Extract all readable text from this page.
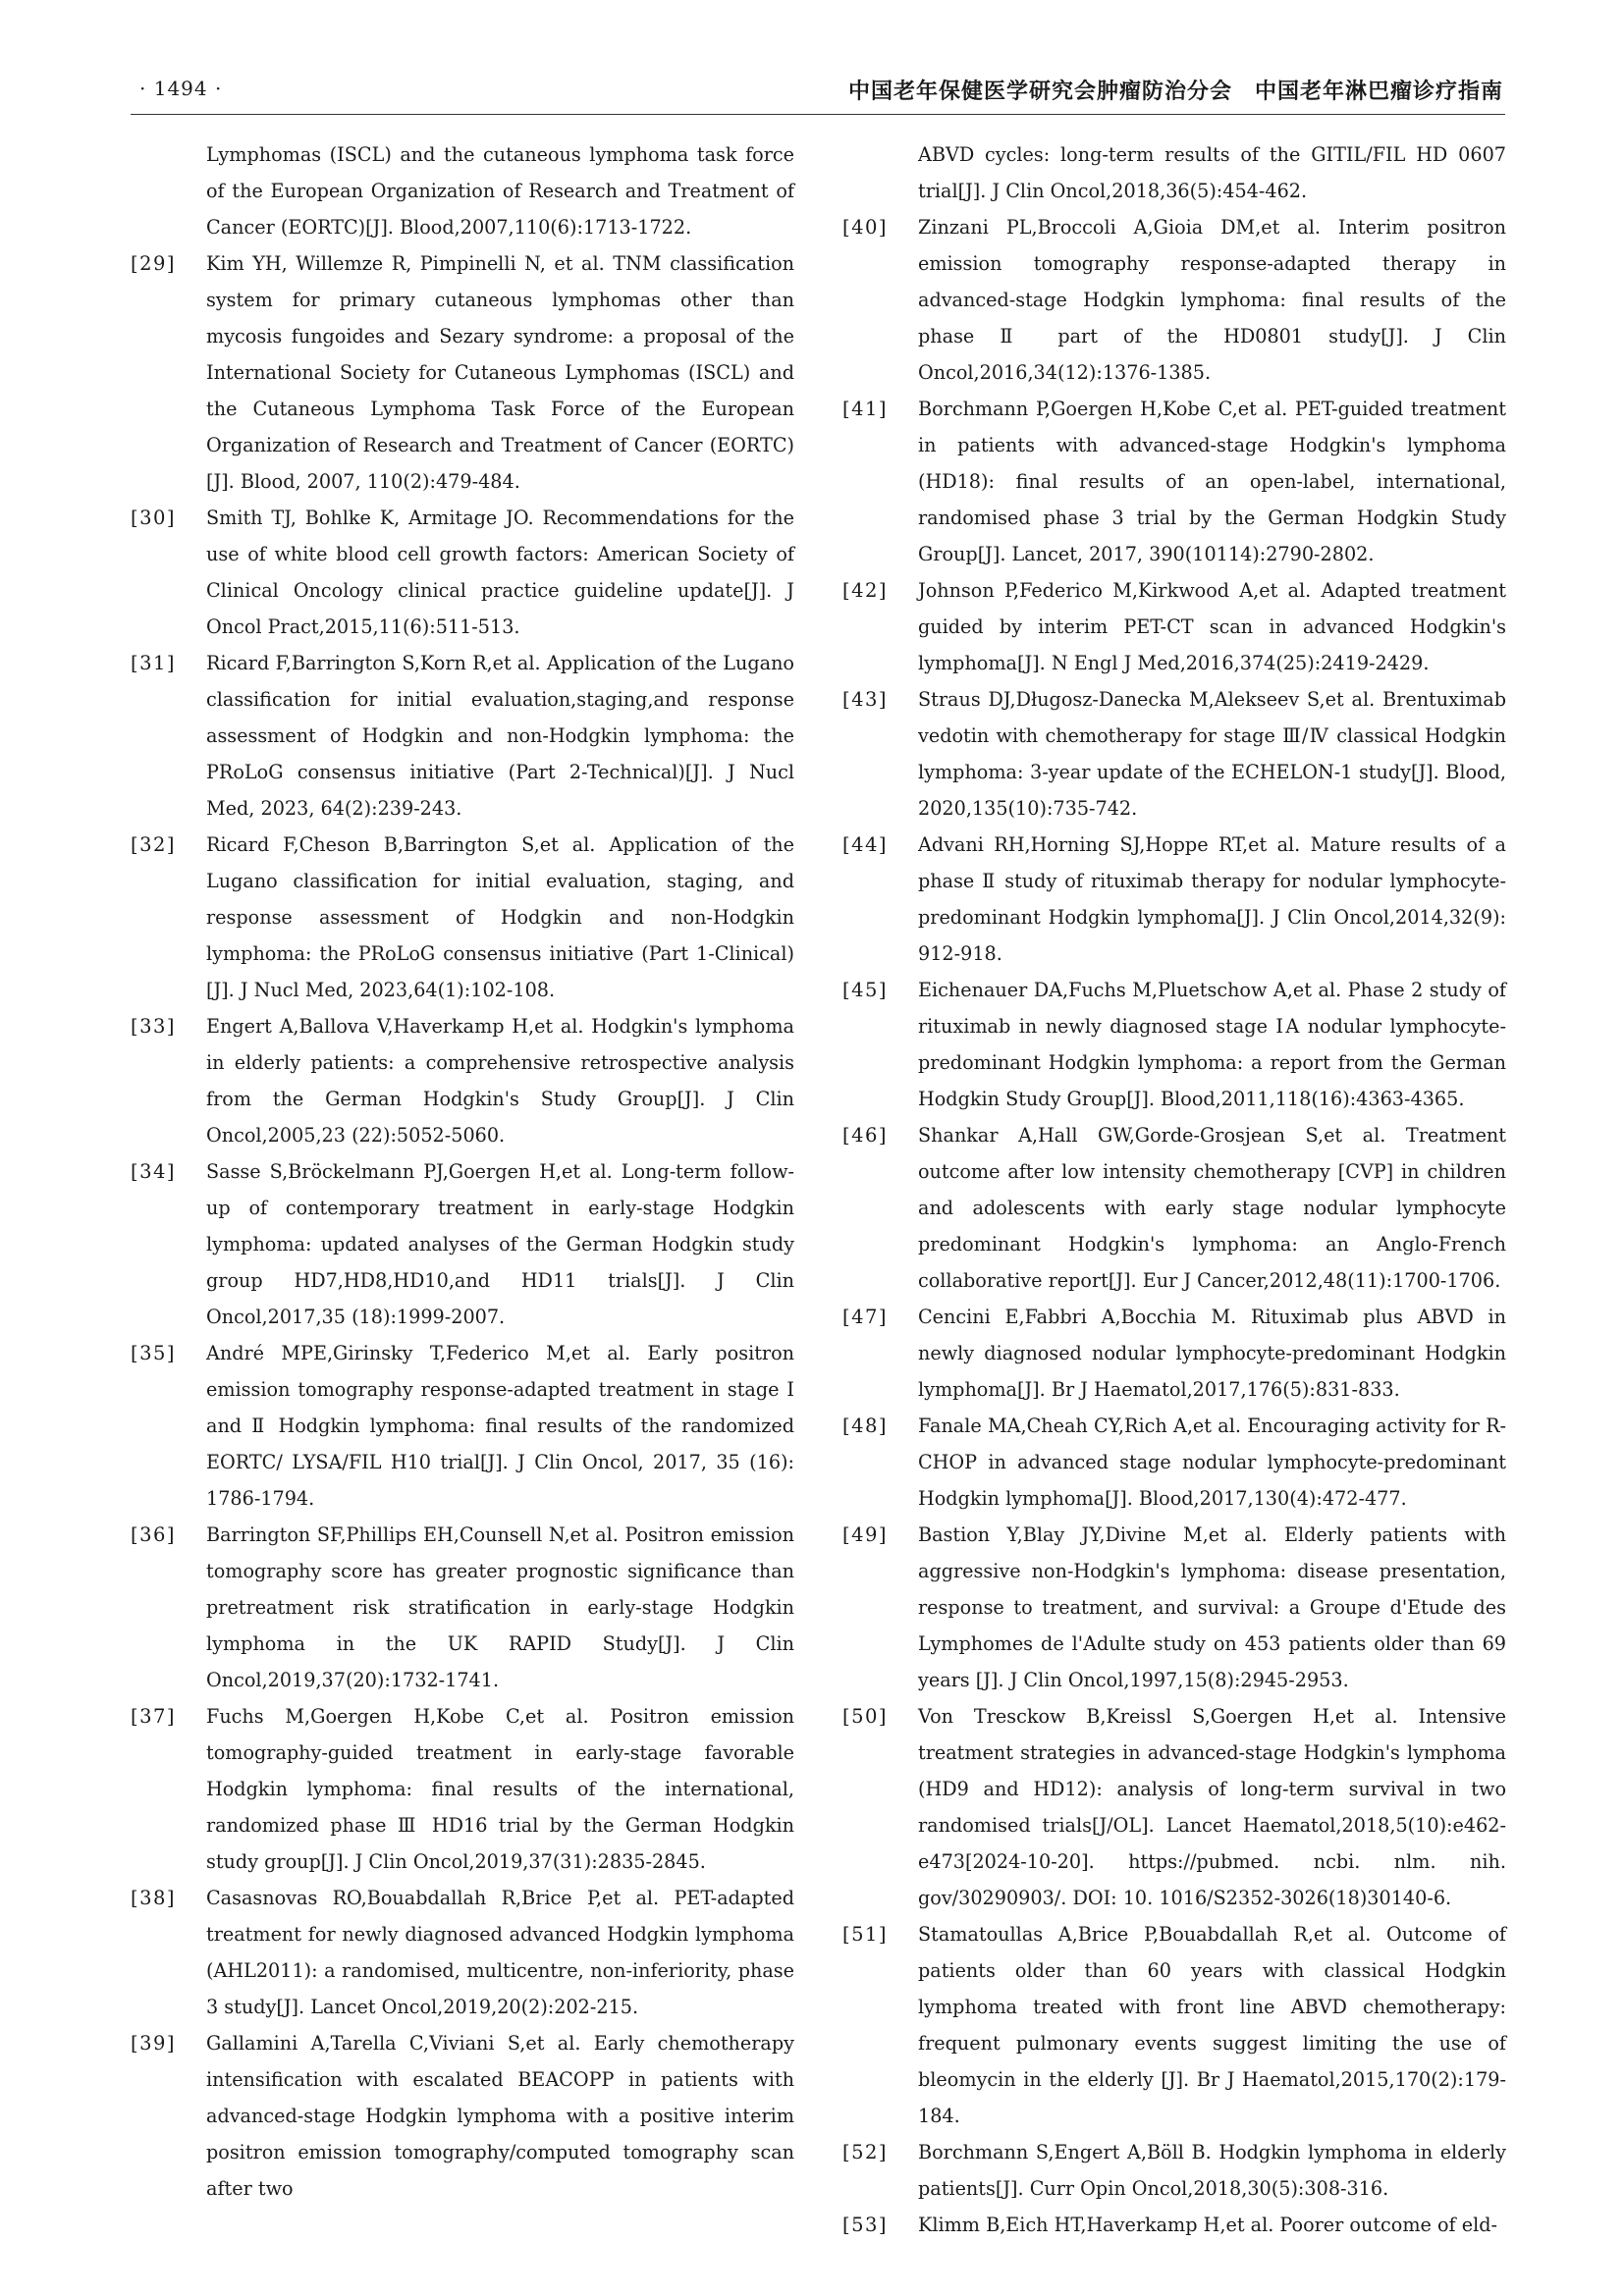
· 1494 ·	中国老年保健医学研究会肿瘤防治分会　中国老年淋巴瘤诊疗指南
Lymphomas (ISCL) and the cutaneous lymphoma task force of the European Organization of Research and Treatment of Cancer (EORTC)[J]. Blood,2007,110(6):1713-1722.
[29]	Kim YH, Willemze R, Pimpinelli N, et al. TNM classification system for primary cutaneous lymphomas other than mycosis fungoides and Sezary syndrome: a proposal of the International Society for Cutaneous Lymphomas (ISCL) and the Cutaneous Lymphoma Task Force of the European Organization of Research and Treatment of Cancer (EORTC)[J]. Blood, 2007, 110(2):479-484.
[30]	Smith TJ, Bohlke K, Armitage JO. Recommendations for the use of white blood cell growth factors: American Society of Clinical Oncology clinical practice guideline update[J]. J Oncol Pract,2015,11(6):511-513.
[31]	Ricard F,Barrington S,Korn R,et al. Application of the Lugano classification for initial evaluation,staging,and response assessment of Hodgkin and non-Hodgkin lymphoma: the PRoLoG consensus initiative (Part 2-Technical)[J]. J Nucl Med, 2023, 64(2):239-243.
[32]	Ricard F,Cheson B,Barrington S,et al. Application of the Lugano classification for initial evaluation, staging, and response assessment of Hodgkin and non-Hodgkin lymphoma: the PRoLoG consensus initiative (Part 1-Clinical) [J]. J Nucl Med, 2023,64(1):102-108.
[33]	Engert A,Ballova V,Haverkamp H,et al. Hodgkin's lymphoma in elderly patients: a comprehensive retrospective analysis from the German Hodgkin's Study Group[J]. J Clin Oncol,2005,23 (22):5052-5060.
[34]	Sasse S,Bröckelmann PJ,Goergen H,et al. Long-term follow-up of contemporary treatment in early-stage Hodgkin lymphoma: updated analyses of the German Hodgkin study group HD7,HD8,HD10,and HD11 trials[J]. J Clin Oncol,2017,35 (18):1999-2007.
[35]	André MPE,Girinsky T,Federico M,et al. Early positron emission tomography response-adapted treatment in stage Ⅰ and Ⅱ Hodgkin lymphoma: final results of the randomized EORTC/ LYSA/FIL H10 trial[J]. J Clin Oncol, 2017, 35 (16): 1786-1794.
[36]	Barrington SF,Phillips EH,Counsell N,et al. Positron emission tomography score has greater prognostic significance than pretreatment risk stratification in early-stage Hodgkin lymphoma in the UK RAPID Study[J]. J Clin Oncol,2019,37(20):1732-1741.
[37]	Fuchs M,Goergen H,Kobe C,et al. Positron emission tomography-guided treatment in early-stage favorable Hodgkin lymphoma: final results of the international, randomized phase Ⅲ HD16 trial by the German Hodgkin study group[J]. J Clin Oncol,2019,37(31):2835-2845.
[38]	Casasnovas RO,Bouabdallah R,Brice P,et al. PET-adapted treatment for newly diagnosed advanced Hodgkin lymphoma (AHL2011): a randomised, multicentre, non-inferiority, phase 3 study[J]. Lancet Oncol,2019,20(2):202-215.
[39]	Gallamini A,Tarella C,Viviani S,et al. Early chemotherapy intensification with escalated BEACOPP in patients with advanced-stage Hodgkin lymphoma with a positive interim positron emission tomography/computed tomography scan after two
ABVD cycles: long-term results of the GITIL/FIL HD 0607 trial[J]. J Clin Oncol,2018,36(5):454-462.
[40]	Zinzani PL,Broccoli A,Gioia DM,et al. Interim positron emission tomography response-adapted therapy in advanced-stage Hodgkin lymphoma: final results of the phase Ⅱ part of the HD0801 study[J]. J Clin Oncol,2016,34(12):1376-1385.
[41]	Borchmann P,Goergen H,Kobe C,et al. PET-guided treatment in patients with advanced-stage Hodgkin's lymphoma (HD18): final results of an open-label, international, randomised phase 3 trial by the German Hodgkin Study Group[J]. Lancet, 2017, 390(10114):2790-2802.
[42]	Johnson P,Federico M,Kirkwood A,et al. Adapted treatment guided by interim PET-CT scan in advanced Hodgkin's lymphoma[J]. N Engl J Med,2016,374(25):2419-2429.
[43]	Straus DJ,Długosz-Danecka M,Alekseev S,et al. Brentuximab vedotin with chemotherapy for stage Ⅲ/Ⅳ classical Hodgkin lymphoma: 3-year update of the ECHELON-1 study[J]. Blood, 2020,135(10):735-742.
[44]	Advani RH,Horning SJ,Hoppe RT,et al. Mature results of a phase Ⅱ study of rituximab therapy for nodular lymphocyte-predominant Hodgkin lymphoma[J]. J Clin Oncol,2014,32(9): 912-918.
[45]	Eichenauer DA,Fuchs M,Pluetschow A,et al. Phase 2 study of rituximab in newly diagnosed stage ⅠA nodular lymphocyte-predominant Hodgkin lymphoma: a report from the German Hodgkin Study Group[J]. Blood,2011,118(16):4363-4365.
[46]	Shankar A,Hall GW,Gorde-Grosjean S,et al. Treatment outcome after low intensity chemotherapy [CVP] in children and adolescents with early stage nodular lymphocyte predominant Hodgkin's lymphoma: an Anglo-French collaborative report[J]. Eur J Cancer,2012,48(11):1700-1706.
[47]	Cencini E,Fabbri A,Bocchia M. Rituximab plus ABVD in newly diagnosed nodular lymphocyte-predominant Hodgkin lymphoma[J]. Br J Haematol,2017,176(5):831-833.
[48]	Fanale MA,Cheah CY,Rich A,et al. Encouraging activity for R-CHOP in advanced stage nodular lymphocyte-predominant Hodgkin lymphoma[J]. Blood,2017,130(4):472-477.
[49]	Bastion Y,Blay JY,Divine M,et al. Elderly patients with aggressive non-Hodgkin's lymphoma: disease presentation, response to treatment, and survival: a Groupe d'Etude des Lymphomes de l'Adulte study on 453 patients older than 69 years [J]. J Clin Oncol,1997,15(8):2945-2953.
[50]	Von Tresckow B,Kreissl S,Goergen H,et al. Intensive treatment strategies in advanced-stage Hodgkin's lymphoma (HD9 and HD12): analysis of long-term survival in two randomised trials[J/OL]. Lancet Haematol,2018,5(10):e462-e473[2024-10-20]. https://pubmed. ncbi. nlm. nih. gov/30290903/. DOI: 10. 1016/S2352-3026(18)30140-6.
[51]	Stamatoullas A,Brice P,Bouabdallah R,et al. Outcome of patients older than 60 years with classical Hodgkin lymphoma treated with front line ABVD chemotherapy: frequent pulmonary events suggest limiting the use of bleomycin in the elderly [J]. Br J Haematol,2015,170(2):179-184.
[52]	Borchmann S,Engert A,Böll B. Hodgkin lymphoma in elderly patients[J]. Curr Opin Oncol,2018,30(5):308-316.
[53]	Klimm B,Eich HT,Haverkamp H,et al. Poorer outcome of eld-
